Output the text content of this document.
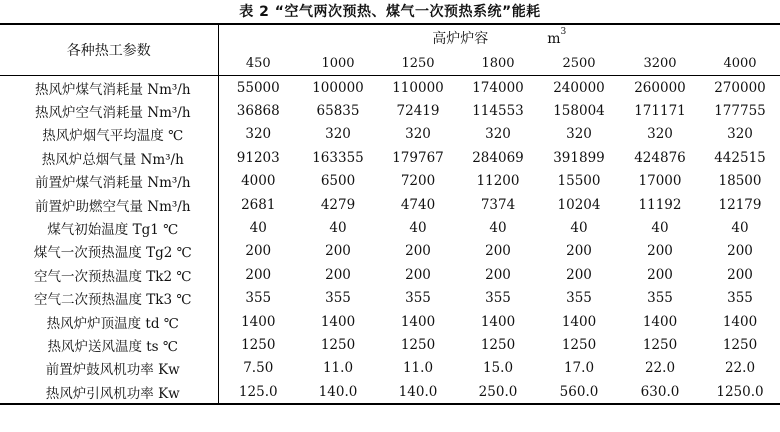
表 2 “空气两次预热、煤气一次预热系统”能耗
各种热工参数	高炉炉容 $m^3$
	450	1000	1250	1800	2500	3200	4000
热风炉煤气消耗量 Nm³/h	55000	100000	110000	174000	240000	260000	270000
热风炉空气消耗量 Nm³/h	36868	65835	72419	114553	158004	171171	177755
热风炉烟气平均温度 ℃	320	320	320	320	320	320	320
热风炉总烟气量 Nm³/h	91203	163355	179767	284069	391899	424876	442515
前置炉煤气消耗量 Nm³/h	4000	6500	7200	11200	15500	17000	18500
前置炉助燃空气量 Nm³/h	2681	4279	4740	7374	10204	11192	12179
煤气初始温度 Tg1 ℃	40	40	40	40	40	40	40
煤气一次预热温度 Tg2 ℃	200	200	200	200	200	200	200
空气一次预热温度 Tk2 ℃	200	200	200	200	200	200	200
空气二次预热温度 Tk3 ℃	355	355	355	355	355	355	355
热风炉炉顶温度 td ℃	1400	1400	1400	1400	1400	1400	1400
热风炉送风温度 ts ℃	1250	1250	1250	1250	1250	1250	1250
前置炉鼓风机功率 Kw	7.50	11.0	11.0	15.0	17.0	22.0	22.0
热风炉引风机功率 Kw	125.0	140.0	140.0	250.0	560.0	630.0	1250.0
